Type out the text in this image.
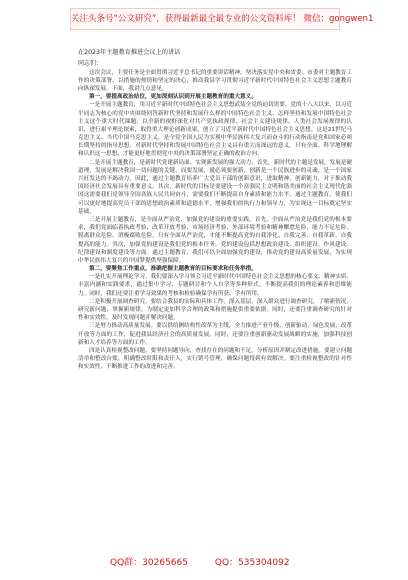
关注头条号“公文研究”，获得最新最全最专业的公文资料库！ 微信：gongwen1
在2023年主题教育推进会议上的讲话

同志们：

这次会议，主要任务是全面贯彻习近平总书记的重要讲话精神，坚决落实党中央和省委、市委对主题教育工作的决策部署，以措施的热情和坚定的决心，推动我县学习贯彻习近平新时代中国特色社会主义思想主题教育向纵深发展。下面，我讲几点意见。

第一，要提高政治站位，更加深刻认识到开展主题教育的重大意义。

一是开展主题教育，用习近平新时代中国特色社会主义思想武装全党的迫切需要。党的十八大以来，以习近平同志为核心的党中央围绕回答新时代坚持和发展什么样的中国特色社会主义、怎样坚持和发展中国特色社会主义这个重大时代课题，以全新的视野深化对共产党执政规律、社会主义建设规律、人类社会发展规律的认识，进行艰辛理论探索，取得重大理论创新成果，创立了习近平新时代中国特色社会主义思想。这是21世纪马克思主义、当代中国马克思主义，是全党全国人民为实现中华民族伟大复兴而奋斗的行动指南是党和国家必须长期坚持的指导思想。对新时代坚持和发展中国特色社会主义具有重大而深远的意义。只有全面、科学地理解和认识这一思想，才能更好地贯彻党中央的决策部署坚定正确的政治方向。

二是开展主题教育，是新时代党建新局面、实现新发展的强大动力。首先，新时代的主题是发展，发展是硬道理，发展是解决我国一切问题的关键、而要发展，就必须要创新，创新是一个民族进步的灵魂，是一个国家兴旺发达的不竭动力。因此，通过主题教育培养广大党员干部的创新意识，进取精神，创新能力，对于推动我国经济社会发展具有重要意义。其次，新时代的目标是要建设一个富强民主文明和谐美丽的社会主义现代化强国这需要我们党领导全国各族人民共同奋斗，需要我们不断提高自身素质和能力水平。通过主题教育，使我们可以更好地提高党员干部的思想政治素质和道德水平，增强我们的执行力和领导力，为实现这一目标奠定坚实基础。

三是开展主题教育，是全面从严治党、加强党的建设的重要实践。首先，全面从严治党是我们党的根本要求，我们党面临着执政考验、改革开放考验、市场经济考验、外部环境考验和精神懈怠危险、能力不足危险、脱离群众危险、消极腐败危险。只有全面从严治党，才能不断提高党的自我净化、自我完善、自我革新、自我提高的能力。其次，加强党的建设是我们党的根本任务。党的建设包括思想政治建设、组织建设、作风建设、纪律建设和制度建设等方面。通过主题教育，我们可以全面加强党的建设，推动党的建设高质量发展，为实现中华民族伟大复兴的中国梦提供坚强保障。

第二，要聚焦工作重点，准确把握主题教育的目标要求和任务举措。

一是扎实开展理论学习。我们要深入学习领会习近平新时代中国特色社会主义思想的核心要义、精神实质、丰富内涵和实践要求，通过集中学习、专题研讨和个人自学等多种形式，不断提高我们的理论素养和思维能力。同时，我们还要注重学习效果的考核和检验确保学有所获、学有所用。

二是积极开展调查研究。要结合我县的实际和具体工作，深入基层、深入群众进行调查研究，了解新情况、研究新问题、掌握新规律。为制定更加科学合理的政策和措施提供重要依据。同时，还要注重调查研究的针对性和实效性，及时发现问题并解决问题。

三是努力推动高质量发展。要以供给侧结构性改革为主线，全力推进产业升级、创新驱动、绿色发展，改革开放等方面的工作，促进我县经济社会的高质量发展。同时，还要注重创新驱动发展战略的实施，加强科技创新和人才培养等方面的工作。

四是认真检视整改问题。要坚持问题导向，查找存在的问题和不足，分析原因并制定改进措施。要建立问题清单和整改台账，明确整改时限和责任人，实行销号管理，确保问题得到有效解决。要注重检视整改的针对性和实效性，不断推进工作的改进和完善。

QQ群：30265665	QQ：535304092
